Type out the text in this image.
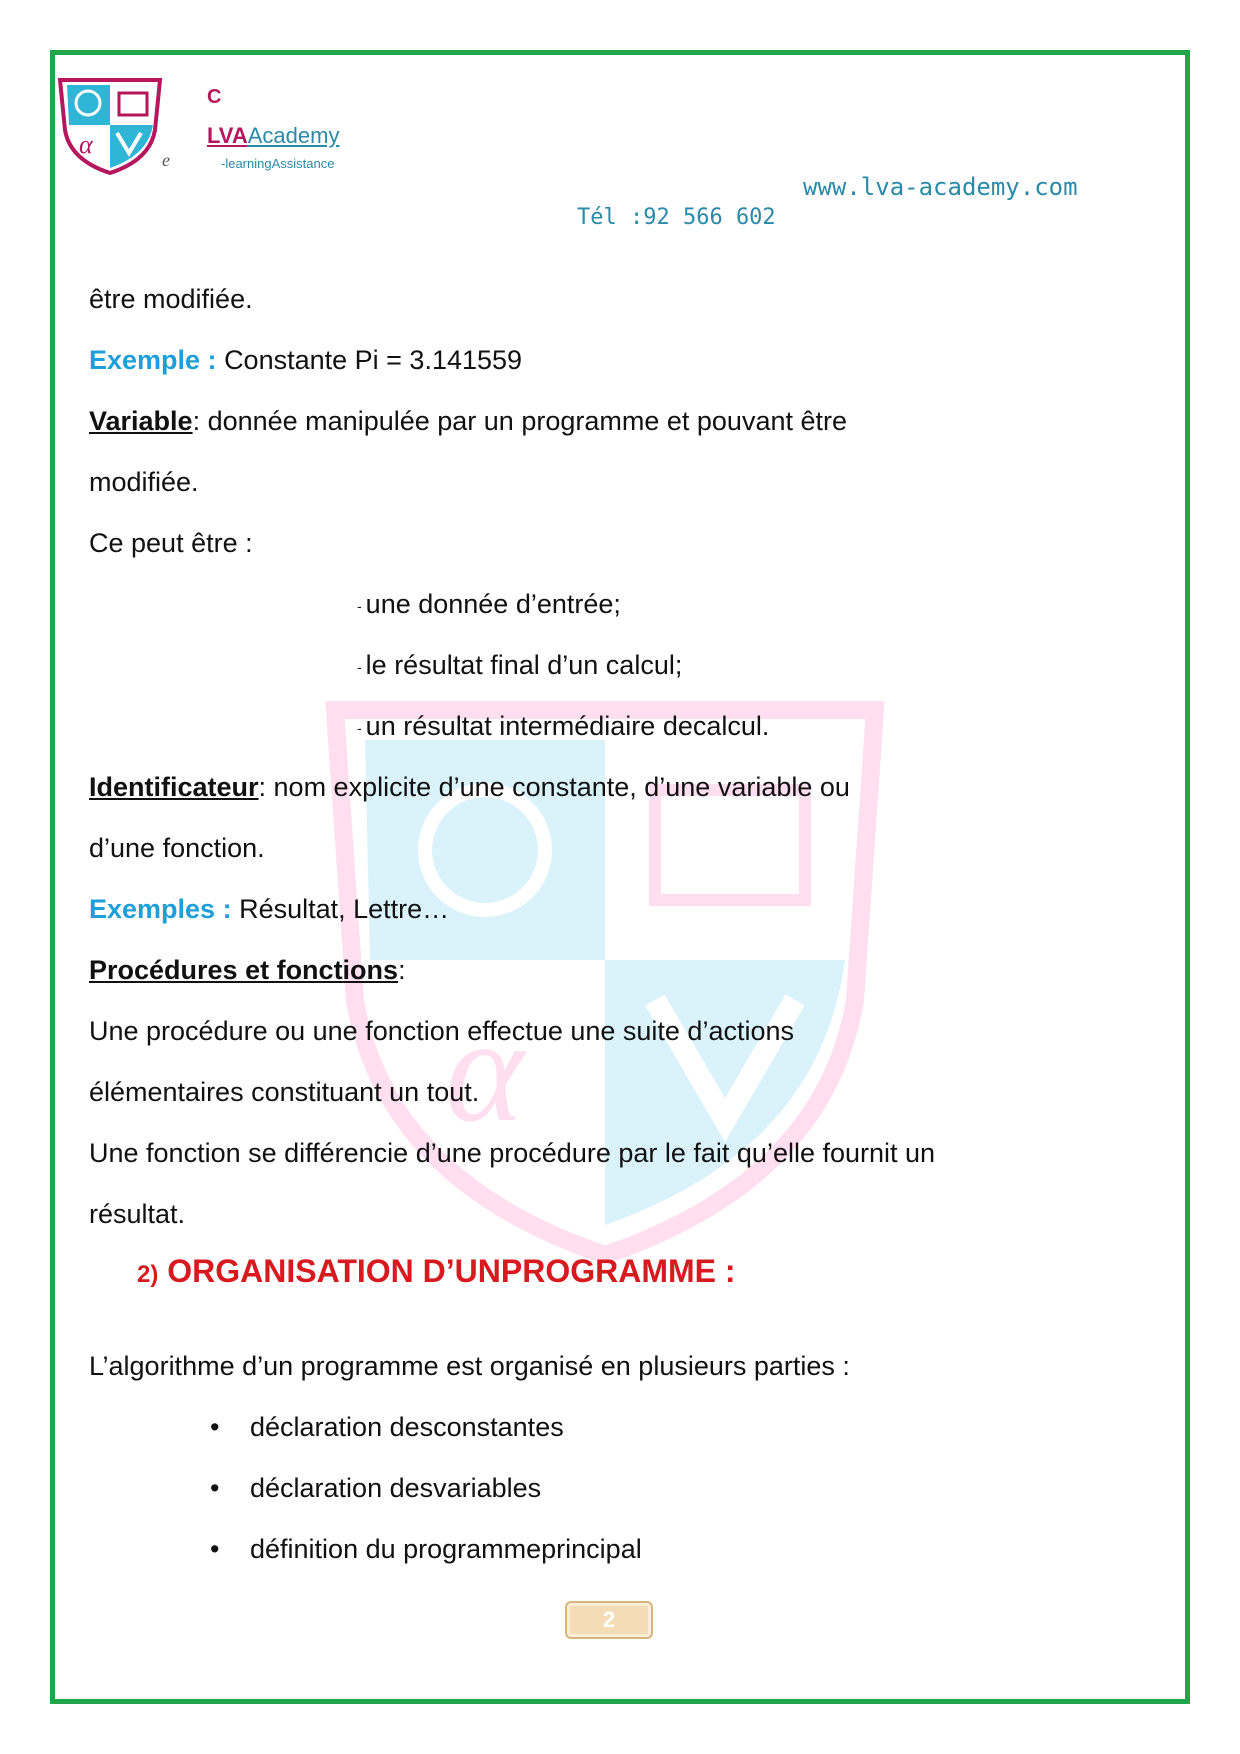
α
C
LVAAcademy
e	-learningAssistance
www.lva-academy.com
Tél :92 566 602
α
être modifiée.
Exemple : Constante Pi = 3.141559
Variable: donnée manipulée par un programme et pouvant être
modifiée.
Ce peut être :
- une donnée d’entrée;
- le résultat final d’un calcul;
- un résultat intermédiaire decalcul.
Identificateur: nom explicite d’une constante, d’une variable ou
d’une fonction.
Exemples : Résultat, Lettre…
Procédures et fonctions:
Une procédure ou une fonction effectue une suite d’actions
élémentaires constituant un tout.
Une fonction se différencie d’une procédure par le fait qu’elle fournit un
résultat.
2) ORGANISATION D’UNPROGRAMME :
L’algorithme d’un programme est organisé en plusieurs parties :
• déclaration desconstantes
• déclaration desvariables
• définition du programmeprincipal
2
